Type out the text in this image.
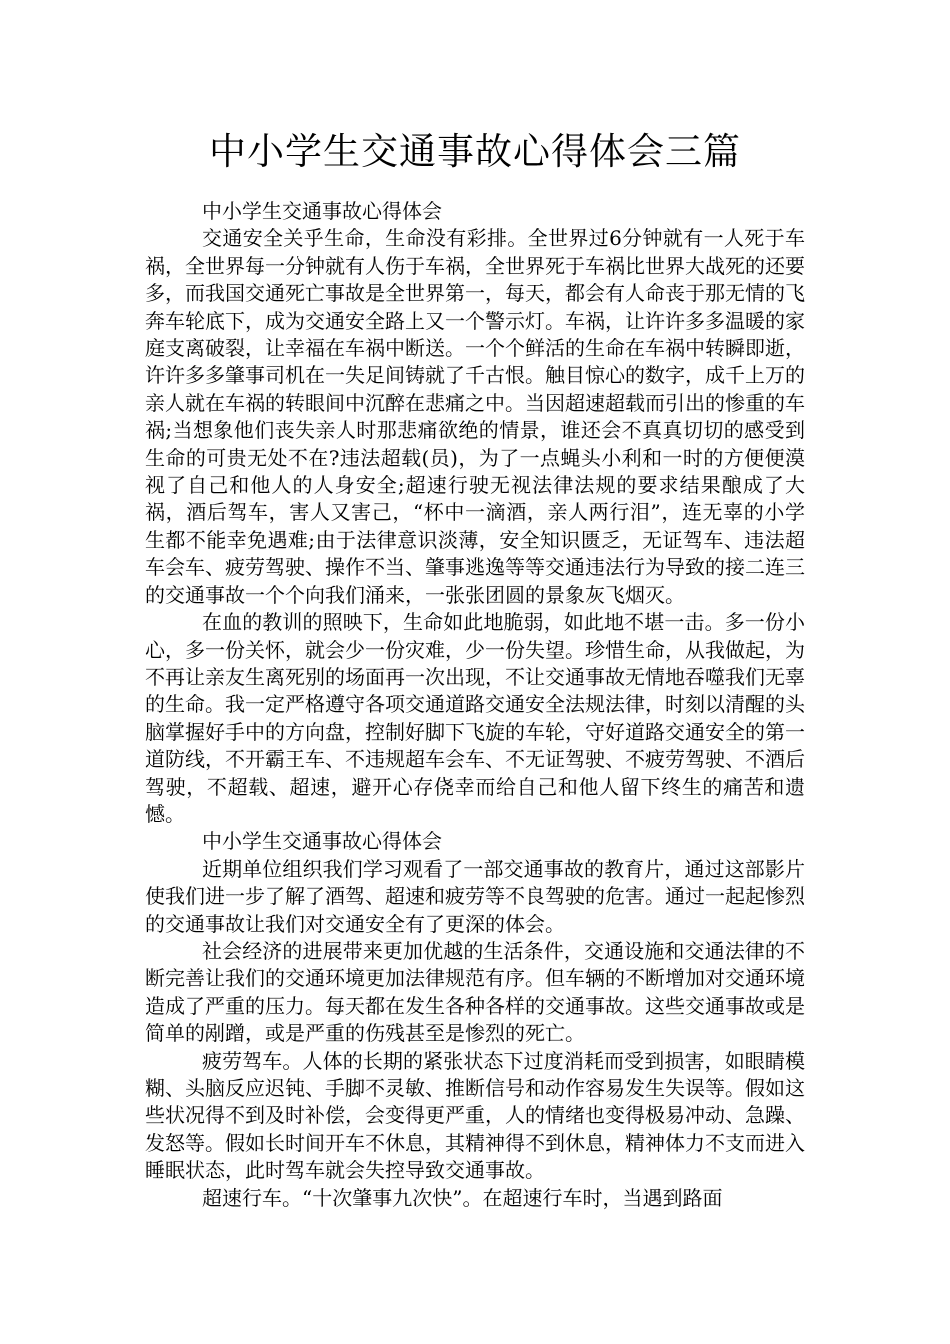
中小学生交通事故心得体会三篇

中小学生交通事故心得体会

交通安全关乎生命，生命没有彩排。全世界过6分钟就有一人死于车祸，全世界每一分钟就有人伤于车祸，全世界死于车祸比世界大战死的还要多，而我国交通死亡事故是全世界第一，每天，都会有人命丧于那无情的飞奔车轮底下，成为交通安全路上又一个警示灯。车祸，让许许多多温暖的家庭支离破裂，让幸福在车祸中断送。一个个鲜活的生命在车祸中转瞬即逝，许许多多肇事司机在一失足间铸就了千古恨。触目惊心的数字，成千上万的亲人就在车祸的转眼间中沉醉在悲痛之中。当因超速超载而引出的惨重的车祸;当想象他们丧失亲人时那悲痛欲绝的情景，谁还会不真真切切的感受到生命的可贵无处不在?违法超载(员)，为了一点蝇头小利和一时的方便便漠视了自己和他人的人身安全;超速行驶无视法律法规的要求结果酿成了大祸，酒后驾车，害人又害己，“杯中一滴酒，亲人两行泪”，连无辜的小学生都不能幸免遇难;由于法律意识淡薄，安全知识匮乏，无证驾车、违法超车会车、疲劳驾驶、操作不当、肇事逃逸等等交通违法行为导致的接二连三的交通事故一个个向我们涌来，一张张团圆的景象灰飞烟灭。

在血的教训的照映下，生命如此地脆弱，如此地不堪一击。多一份小心，多一份关怀，就会少一份灾难，少一份失望。珍惜生命，从我做起，为不再让亲友生离死别的场面再一次出现，不让交通事故无情地吞噬我们无辜的生命。我一定严格遵守各项交通道路交通安全法规法律，时刻以清醒的头脑掌握好手中的方向盘，控制好脚下飞旋的车轮，守好道路交通安全的第一道防线，不开霸王车、不违规超车会车、不无证驾驶、不疲劳驾驶、不酒后驾驶，不超载、超速，避开心存侥幸而给自己和他人留下终生的痛苦和遗憾。

中小学生交通事故心得体会

近期单位组织我们学习观看了一部交通事故的教育片，通过这部影片使我们进一步了解了酒驾、超速和疲劳等不良驾驶的危害。通过一起起惨烈的交通事故让我们对交通安全有了更深的体会。

社会经济的进展带来更加优越的生活条件，交通设施和交通法律的不断完善让我们的交通环境更加法律规范有序。但车辆的不断增加对交通环境造成了严重的压力。每天都在发生各种各样的交通事故。这些交通事故或是简单的剐蹭，或是严重的伤残甚至是惨烈的死亡。

疲劳驾车。人体的长期的紧张状态下过度消耗而受到损害，如眼睛模糊、头脑反应迟钝、手脚不灵敏、推断信号和动作容易发生失误等。假如这些状况得不到及时补偿，会变得更严重，人的情绪也变得极易冲动、急躁、发怒等。假如长时间开车不休息，其精神得不到休息，精神体力不支而进入睡眠状态，此时驾车就会失控导致交通事故。

超速行车。“十次肇事九次快”。在超速行车时，当遇到路面
